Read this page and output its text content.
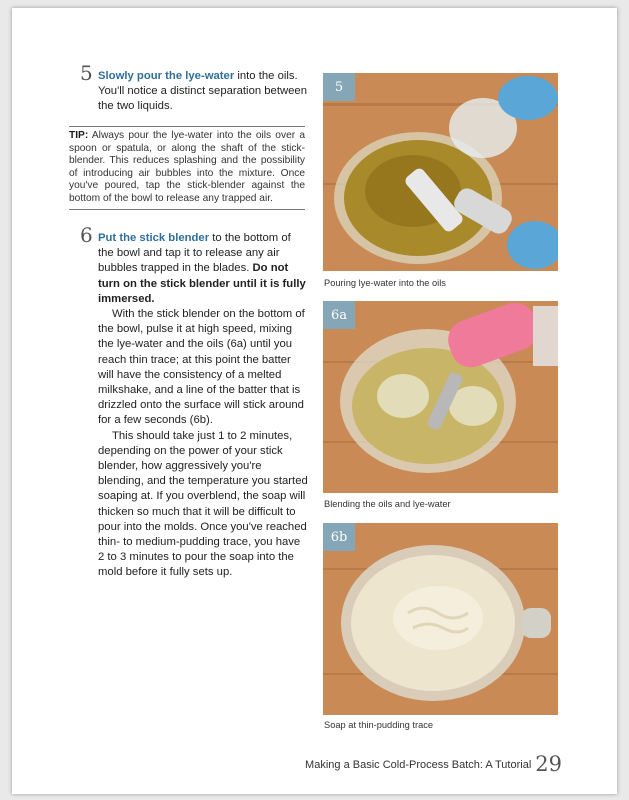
5 Slowly pour the lye-water into the oils. You'll notice a distinct separation between the two liquids.

TIP: Always pour the lye-water into the oils over a spoon or spatula, or along the shaft of the stick-blender. This reduces splashing and the possibility of introducing air bubbles into the mixture. Once you've poured, tap the stick-blender against the bottom of the bowl to release any trapped air.
6 Put the stick blender to the bottom of the bowl and tap it to release any air bubbles trapped in the blades. Do not turn on the stick blender until it is fully immersed.

With the stick blender on the bottom of the bowl, pulse it at high speed, mixing the lye-water and the oils (6a) until you reach thin trace; at this point the batter will have the consistency of a melted milkshake, and a line of the batter that is drizzled onto the surface will stick around for a few seconds (6b).

This should take just 1 to 2 minutes, depending on the power of your stick blender, how aggressively you're blending, and the temperature you started soaping at. If you overblend, the soap will thicken so much that it will be difficult to pour into the molds. Once you've reached thin- to medium-pudding trace, you have 2 to 3 minutes to pour the soap into the mold before it fully sets up.

5
Pouring lye-water into the oils
6a
Blending the oils and lye-water
6b
Soap at thin-pudding trace
Making a Basic Cold-Process Batch: A Tutorial 29
